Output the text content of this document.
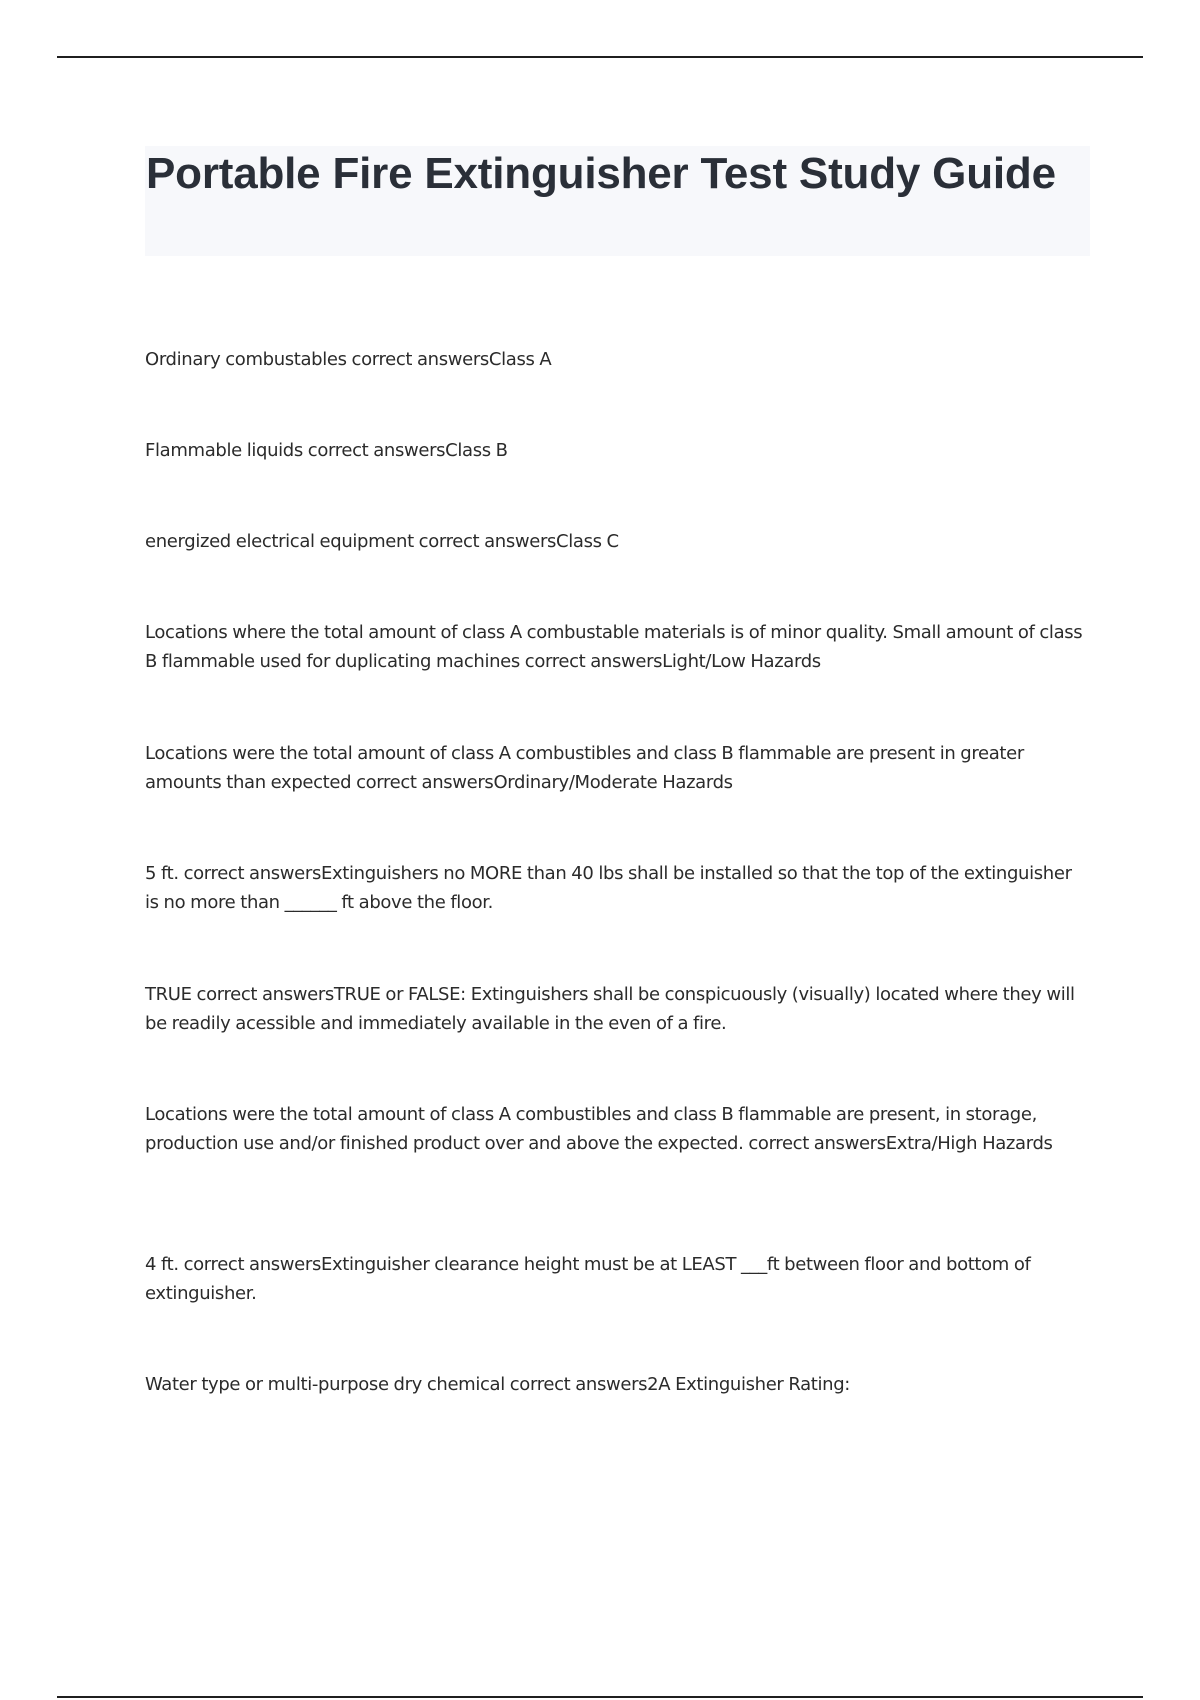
Portable Fire Extinguisher Test Study Guide

Ordinary combustables correct answersClass A

Flammable liquids correct answersClass B

energized electrical equipment correct answersClass C

Locations where the total amount of class A combustable materials is of minor quality. Small amount of class B flammable used for duplicating machines correct answersLight/Low Hazards

Locations were the total amount of class A combustibles and class B flammable are present in greater amounts than expected correct answersOrdinary/Moderate Hazards

5 ft. correct answersExtinguishers no MORE than 40 lbs shall be installed so that the top of the extinguisher is no more than ______ ft above the floor.

TRUE correct answersTRUE or FALSE: Extinguishers shall be conspicuously (visually) located where they will be readily acessible and immediately available in the even of a fire.

Locations were the total amount of class A combustibles and class B flammable are present, in storage, production use and/or finished product over and above the expected. correct answersExtra/High Hazards

4 ft. correct answersExtinguisher clearance height must be at LEAST ___ft between floor and bottom of extinguisher.

Water type or multi-purpose dry chemical correct answers2A Extinguisher Rating:
